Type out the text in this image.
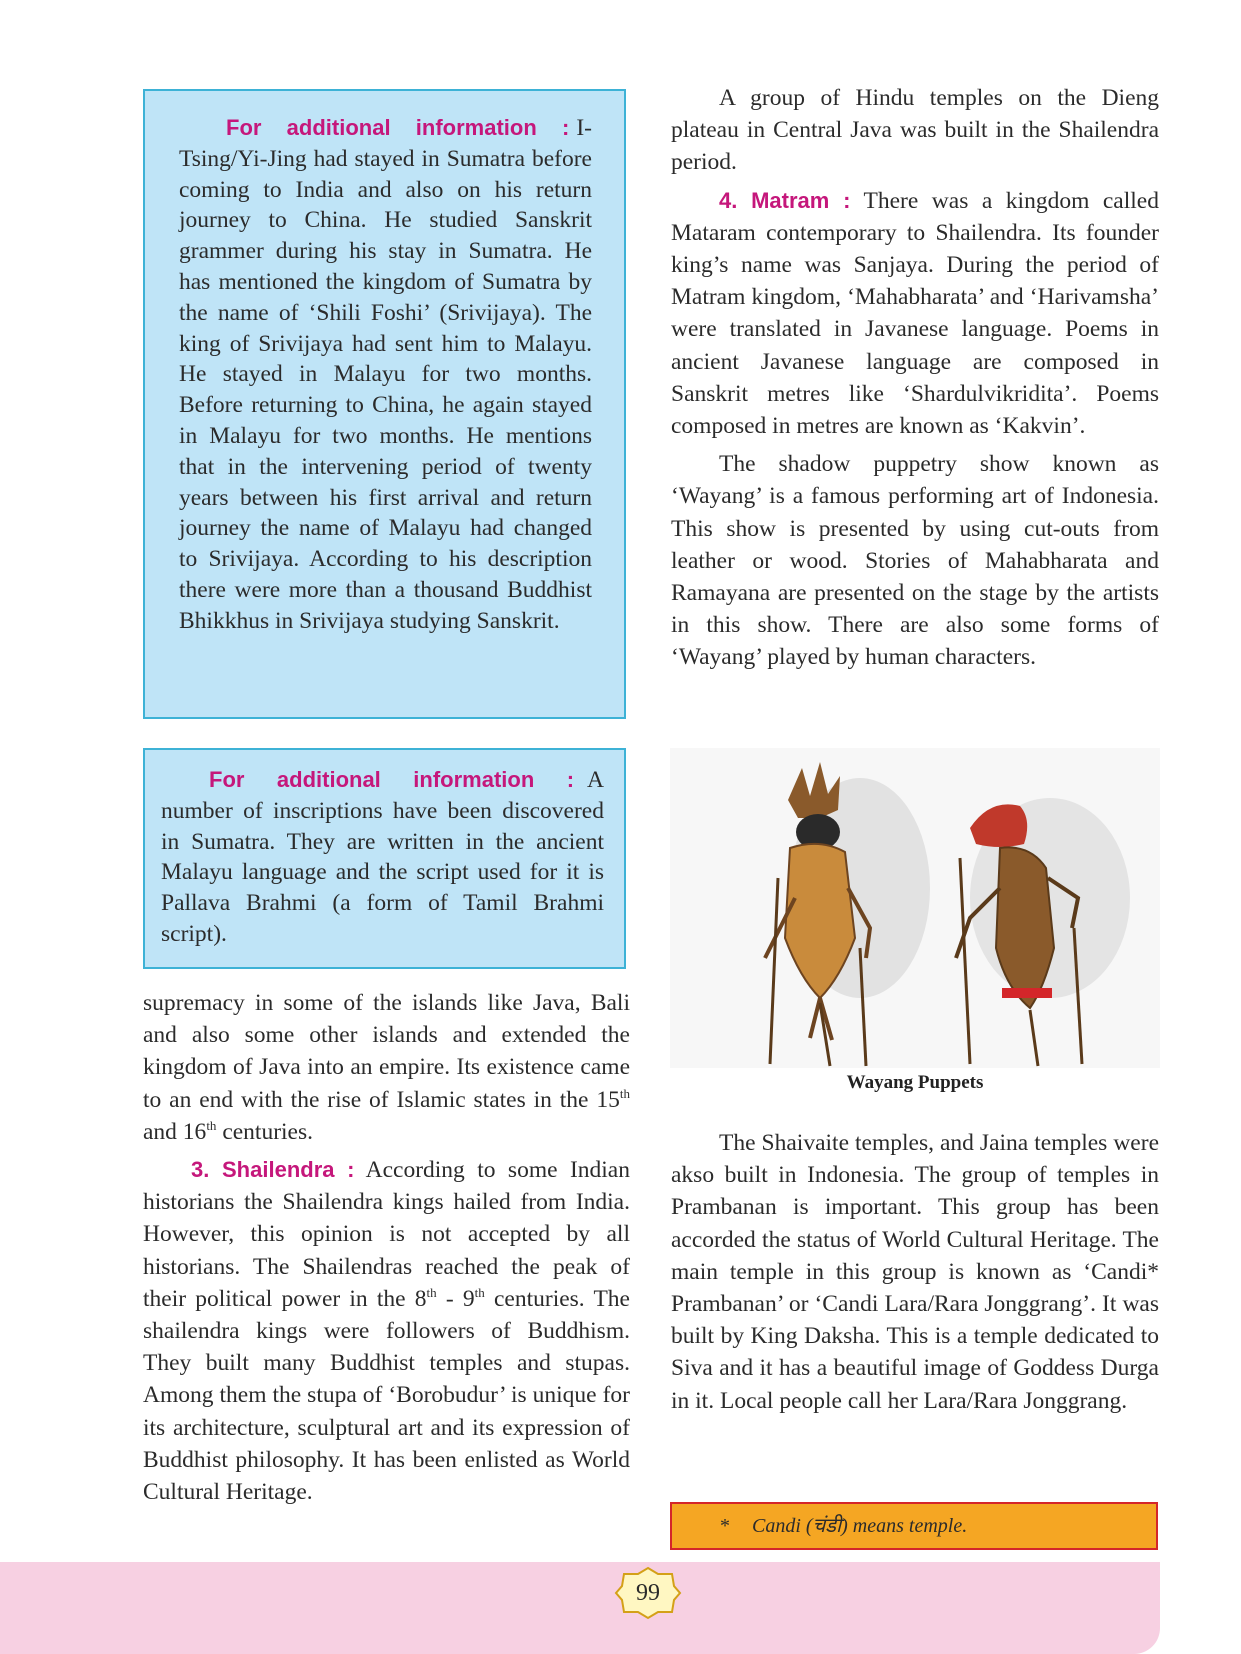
For additional information : I-Tsing/Yi-Jing had stayed in Sumatra before coming to India and also on his return journey to China. He studied Sanskrit grammer during his stay in Sumatra. He has mentioned the kingdom of Sumatra by the name of ‘Shili Foshi’ (Srivijaya). The king of Srivijaya had sent him to Malayu. He stayed in Malayu for two months. Before returning to China, he again stayed in Malayu for two months. He mentions that in the intervening period of twenty years between his first arrival and return journey the name of Malayu had changed to Srivijaya. According to his description there were more than a thousand Buddhist Bhikkhus in Srivijaya studying Sanskrit.

For additional information : A number of inscriptions have been discovered in Sumatra. They are written in the ancient Malayu language and the script used for it is Pallava Brahmi (a form of Tamil Brahmi script).

supremacy in some of the islands like Java, Bali and also some other islands and extended the kingdom of Java into an empire. Its existence came to an end with the rise of Islamic states in the 15th and 16th centuries.

3. Shailendra : According to some Indian historians the Shailendra kings hailed from India. However, this opinion is not accepted by all historians. The Shailendras reached the peak of their political power in the 8th - 9th centuries. The shailendra kings were followers of Buddhism. They built many Buddhist temples and stupas. Among them the stupa of ‘Borobudur’ is unique for its architecture, sculptural art and its expression of Buddhist philosophy. It has been enlisted as World Cultural Heritage.

A group of Hindu temples on the Dieng plateau in Central Java was built in the Shailendra period.

4. Matram : There was a kingdom called Mataram contemporary to Shailendra. Its founder king’s name was Sanjaya. During the period of Matram kingdom, ‘Mahabharata’ and ‘Harivamsha’ were translated in Javanese language. Poems in ancient Javanese language are composed in Sanskrit metres like ‘Shardulvikridita’. Poems composed in metres are known as ‘Kakvin’.

The shadow puppetry show known as ‘Wayang’ is a famous performing art of Indonesia. This show is presented by using cut-outs from leather or wood. Stories of Mahabharata and Ramayana are presented on the stage by the artists in this show. There are also some forms of ‘Wayang’ played by human characters.

Wayang Puppets

The Shaivaite temples, and Jaina temples were akso built in Indonesia. The group of temples in Prambanan is important. This group has been accorded the status of World Cultural Heritage. The main temple in this group is known as ‘Candi* Prambanan’ or ‘Candi Lara/Rara Jonggrang’. It was built by King Daksha. This is a temple dedicated to Siva and it has a beautiful image of Goddess Durga in it. Local people call her Lara/Rara Jonggrang.

* Candi (चंडी) means temple.
99
